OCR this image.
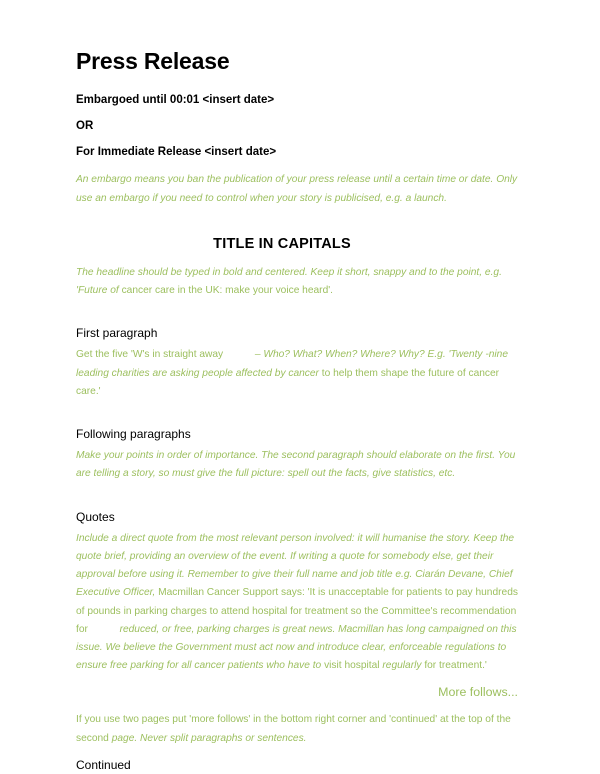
Press Release
Embargoed until 00:01 <insert date>
OR
For Immediate Release <insert date>

An embargo means you ban the publication of your press release until a certain time or date. Only use an embargo if you need to control when your story is publicised, e.g. a launch.

TITLE IN CAPITALS

The headline should be typed in bold and centered. Keep it short, snappy and to the point, e.g. 'Future of cancer care in the UK: make your voice heard'.

First paragraph

Get the five 'W's in straight away	– Who? What? When? Where? Why? E.g. 'Twenty -nine leading charities are asking people affected by cancer to help them shape the future of cancer care.'

Following paragraphs

Make your points in order of importance. The second paragraph should elaborate on the first. You are telling a story, so must give the full picture: spell out the facts, give statistics, etc.

Quotes

Include a direct quote from the most relevant person involved: it will humanise the story. Keep the quote brief, providing an overview of the event. If writing a quote for somebody else, get their approval before using it. Remember to give their full name and job title e.g. Ciarán Devane, Chief Executive Officer, Macmillan Cancer Support says: 'It is unacceptable for patients to pay hundreds of pounds in parking charges to attend hospital for treatment so the Committee's recommendation for	reduced, or free, parking charges is great news. Macmillan has long campaigned on this issue. We believe the Government must act now and introduce clear, enforceable regulations to ensure free parking for all cancer patients who have to visit hospital regularly for treatment.'

More follows...

If you use two pages put 'more follows' in the bottom right corner and 'continued' at the top of the second page. Never split paragraphs or sentences.

Continued
